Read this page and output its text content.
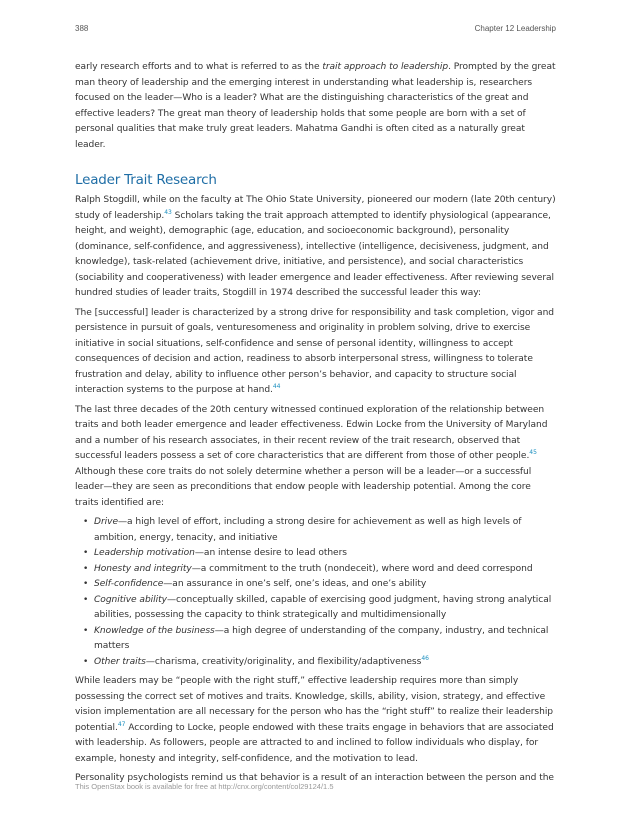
388	Chapter 12 Leadership

early research efforts and to what is referred to as the trait approach to leadership. Prompted by the great man theory of leadership and the emerging interest in understanding what leadership is, researchers focused on the leader—Who is a leader? What are the distinguishing characteristics of the great and effective leaders? The great man theory of leadership holds that some people are born with a set of personal qualities that make truly great leaders. Mahatma Gandhi is often cited as a naturally great leader.

Leader Trait Research

Ralph Stogdill, while on the faculty at The Ohio State University, pioneered our modern (late 20th century) study of leadership.$^{43}$ Scholars taking the trait approach attempted to identify physiological (appearance, height, and weight), demographic (age, education, and socioeconomic background), personality (dominance, self-confidence, and aggressiveness), intellective (intelligence, decisiveness, judgment, and knowledge), task-related (achievement drive, initiative, and persistence), and social characteristics (sociability and cooperativeness) with leader emergence and leader effectiveness. After reviewing several hundred studies of leader traits, Stogdill in 1974 described the successful leader this way:

The [successful] leader is characterized by a strong drive for responsibility and task completion, vigor and persistence in pursuit of goals, venturesomeness and originality in problem solving, drive to exercise initiative in social situations, self-confidence and sense of personal identity, willingness to accept consequences of decision and action, readiness to absorb interpersonal stress, willingness to tolerate frustration and delay, ability to influence other person’s behavior, and capacity to structure social interaction systems to the purpose at hand.$^{44}$

The last three decades of the 20th century witnessed continued exploration of the relationship between traits and both leader emergence and leader effectiveness. Edwin Locke from the University of Maryland and a number of his research associates, in their recent review of the trait research, observed that successful leaders possess a set of core characteristics that are different from those of other people.$^{45}$ Although these core traits do not solely determine whether a person will be a leader—or a successful leader—they are seen as preconditions that endow people with leadership potential. Among the core traits identified are:

• Drive—a high level of effort, including a strong desire for achievement as well as high levels of ambition, energy, tenacity, and initiative
• Leadership motivation—an intense desire to lead others
• Honesty and integrity—a commitment to the truth (nondeceit), where word and deed correspond
• Self-confidence—an assurance in one’s self, one’s ideas, and one’s ability
• Cognitive ability—conceptually skilled, capable of exercising good judgment, having strong analytical abilities, possessing the capacity to think strategically and multidimensionally
• Knowledge of the business—a high degree of understanding of the company, industry, and technical matters
• Other traits—charisma, creativity/originality, and flexibility/adaptiveness$^{46}$

While leaders may be “people with the right stuff,” effective leadership requires more than simply possessing the correct set of motives and traits. Knowledge, skills, ability, vision, strategy, and effective vision implementation are all necessary for the person who has the “right stuff” to realize their leadership potential.$^{47}$ According to Locke, people endowed with these traits engage in behaviors that are associated with leadership. As followers, people are attracted to and inclined to follow individuals who display, for example, honesty and integrity, self-confidence, and the motivation to lead.

Personality psychologists remind us that behavior is a result of an interaction between the person and the

This OpenStax book is available for free at http://cnx.org/content/col29124/1.5
